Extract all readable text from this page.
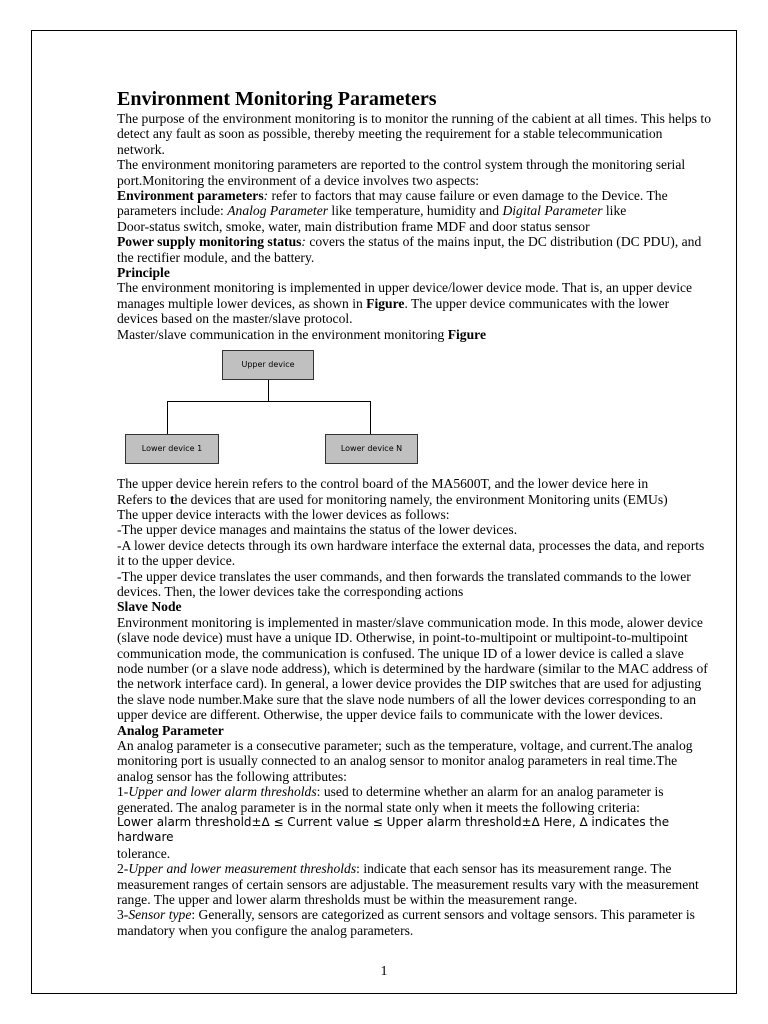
Environment Monitoring Parameters

The purpose of the environment monitoring is to monitor the running of the cabient at all times. This helps to detect any fault as soon as possible, thereby meeting the requirement for a stable telecommunication network.

The environment monitoring parameters are reported to the control system through the monitoring serial port.Monitoring the environment of a device involves two aspects:

Environment parameters: refer to factors that may cause failure or even damage to the Device. The parameters include: Analog Parameter like temperature, humidity and Digital Parameter like

Door-status switch, smoke, water, main distribution frame MDF and door status sensor

Power supply monitoring status: covers the status of the mains input, the DC distribution (DC PDU), and the rectifier module, and the battery.

Principle

The environment monitoring is implemented in upper device/lower device mode. That is, an upper device manages multiple lower devices, as shown in Figure. The upper device communicates with the lower devices based on the master/slave protocol.

Master/slave communication in the environment monitoring Figure

Upper device
Lower device 1	Lower device N

The upper device herein refers to the control board of the MA5600T, and the lower device here in

Refers to the devices that are used for monitoring namely, the environment Monitoring units (EMUs)

The upper device interacts with the lower devices as follows:

-The upper device manages and maintains the status of the lower devices.

-A lower device detects through its own hardware interface the external data, processes the data, and reports it to the upper device.

-The upper device translates the user commands, and then forwards the translated commands to the lower devices. Then, the lower devices take the corresponding actions

Slave Node

Environment monitoring is implemented in master/slave communication mode. In this mode, alower device (slave node device) must have a unique ID. Otherwise, in point-to-multipoint or multipoint-to-multipoint communication mode, the communication is confused. The unique ID of a lower device is called a slave node number (or a slave node address), which is determined by the hardware (similar to the MAC address of the network interface card). In general, a lower device provides the DIP switches that are used for adjusting the slave node number.Make sure that the slave node numbers of all the lower devices corresponding to an upper device are different. Otherwise, the upper device fails to communicate with the lower devices.

Analog Parameter

An analog parameter is a consecutive parameter; such as the temperature, voltage, and current.The analog monitoring port is usually connected to an analog sensor to monitor analog parameters in real time.The analog sensor has the following attributes:

1-Upper and lower alarm thresholds: used to determine whether an alarm for an analog parameter is generated. The analog parameter is in the normal state only when it meets the following criteria:

Lower alarm threshold±∆ ≤ Current value ≤ Upper alarm threshold±∆ Here, ∆ indicates the hardware

tolerance.

2-Upper and lower measurement thresholds: indicate that each sensor has its measurement range. The measurement ranges of certain sensors are adjustable. The measurement results vary with the measurement range. The upper and lower alarm thresholds must be within the measurement range.

3-Sensor type: Generally, sensors are categorized as current sensors and voltage sensors. This parameter is mandatory when you configure the analog parameters.

1
